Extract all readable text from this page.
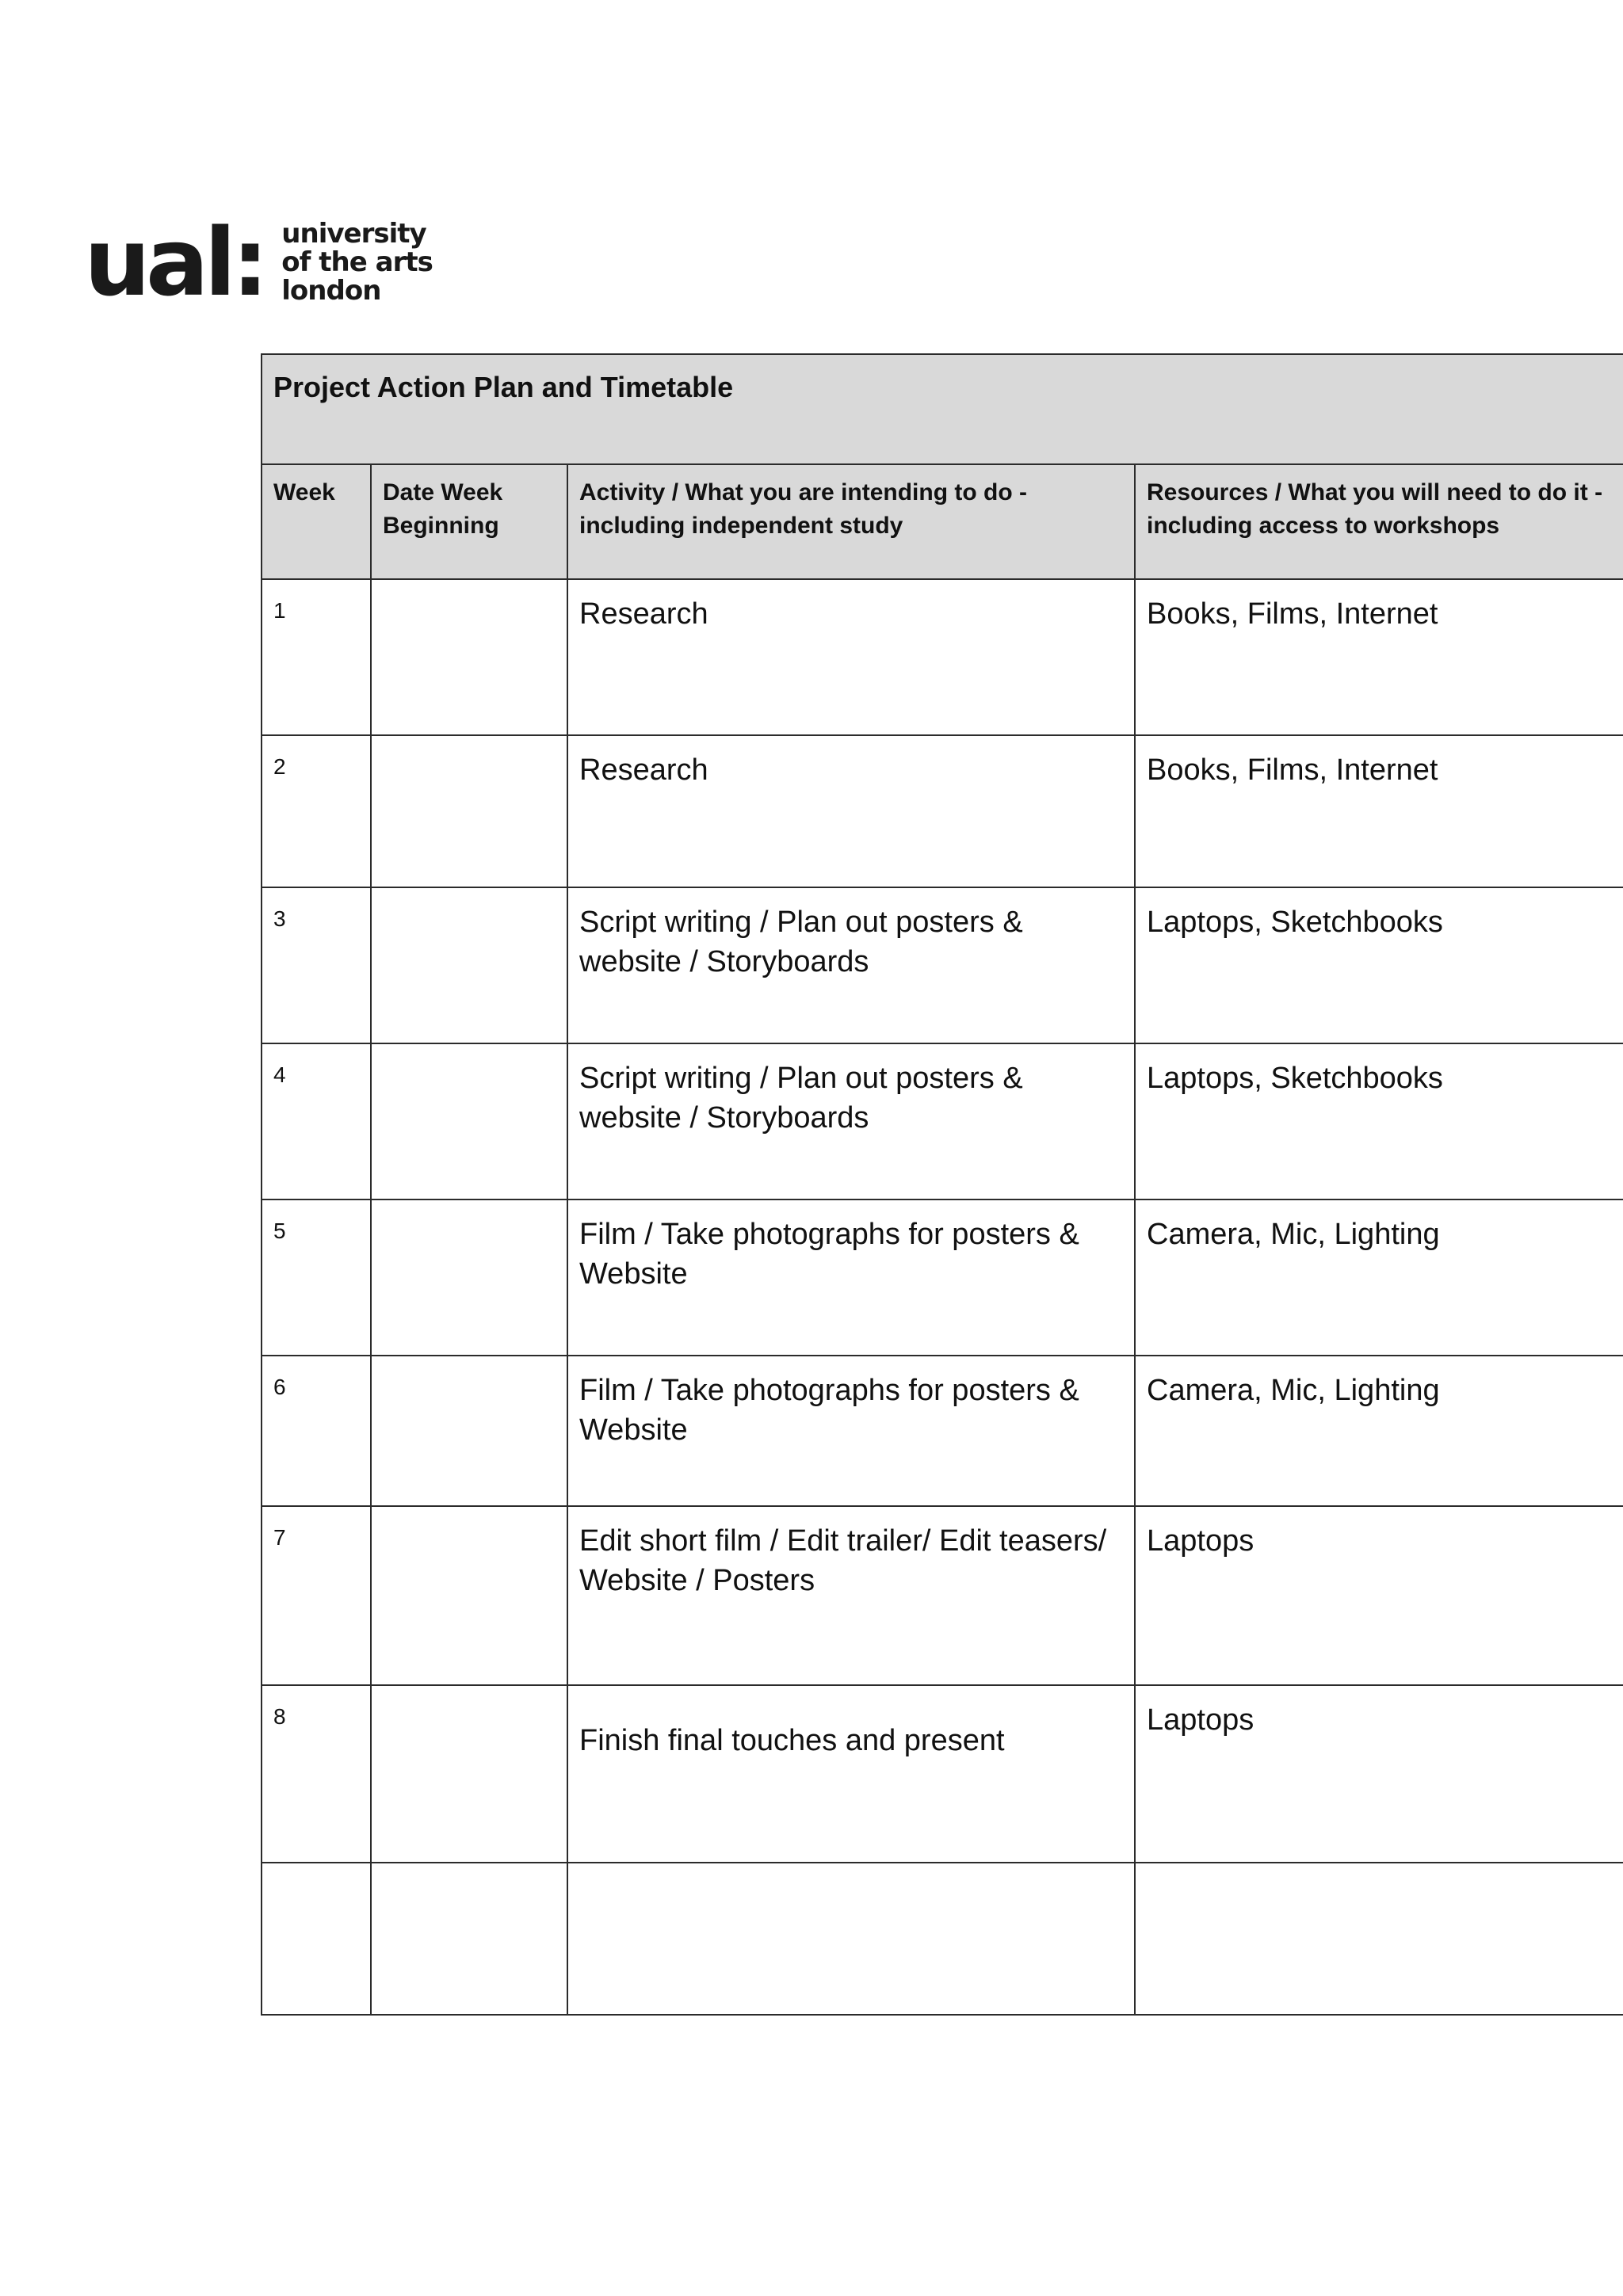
ual: university
of the arts
london
Project Action Plan and Timetable			
Week	Date Week Beginning	Activity / What you are intending to do - including independent study	Resources / What you will need to do it - including access to workshops
1		Research	Books, Films, Internet
2		Research	Books, Films, Internet
3		Script writing / Plan out posters & website / Storyboards	Laptops, Sketchbooks
4		Script writing / Plan out posters & website / Storyboards	Laptops, Sketchbooks
5		Film / Take photographs for posters & Website	Camera, Mic, Lighting
6		Film / Take photographs for posters & Website	Camera, Mic, Lighting
7		Edit short film / Edit trailer/ Edit teasers/ Website / Posters	Laptops
8		Finish final touches and present	Laptops
